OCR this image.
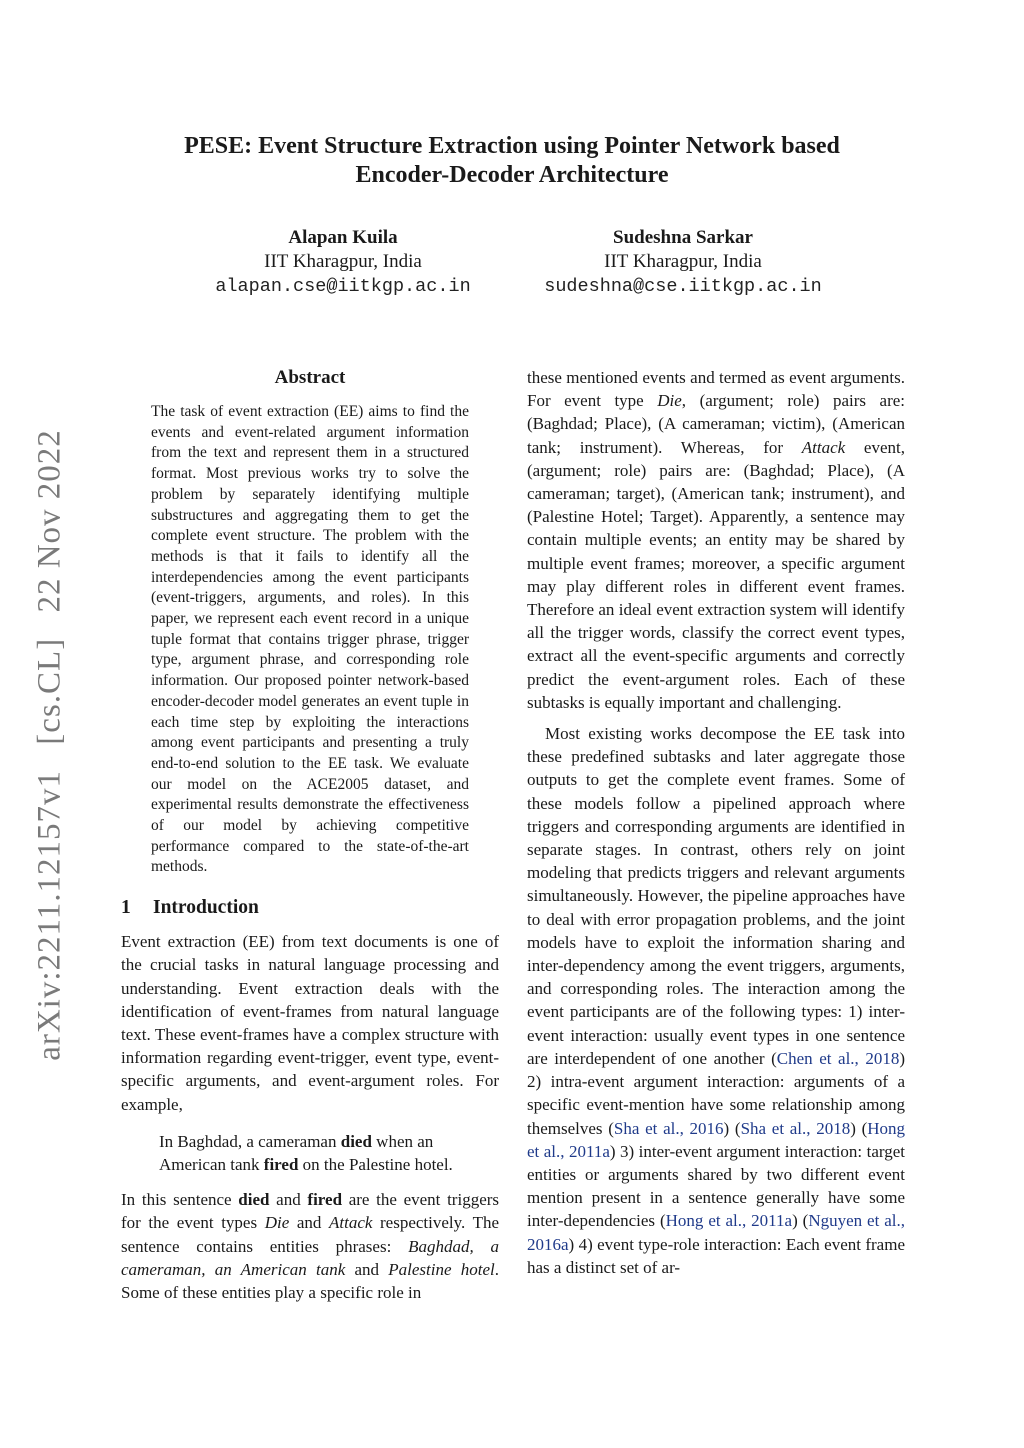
arXiv:2211.12157v1 [cs.CL] 22 Nov 2022
PESE: Event Structure Extraction using Pointer Network based
Encoder-Decoder Architecture
Alapan Kuila
IIT Kharagpur, India
alapan.cse@iitkgp.ac.in
Sudeshna Sarkar
IIT Kharagpur, India
sudeshna@cse.iitkgp.ac.in
Abstract
The task of event extraction (EE) aims to find the events and event-related argument information from the text and represent them in a structured format. Most previous works try to solve the problem by separately identifying multiple substructures and aggregating them to get the complete event structure. The problem with the methods is that it fails to identify all the interdependencies among the event participants (event-triggers, arguments, and roles). In this paper, we represent each event record in a unique tuple format that contains trigger phrase, trigger type, argument phrase, and corresponding role information. Our proposed pointer network-based encoder-decoder model generates an event tuple in each time step by exploiting the interactions among event participants and presenting a truly end-to-end solution to the EE task. We evaluate our model on the ACE2005 dataset, and experimental results demonstrate the effectiveness of our model by achieving competitive performance compared to the state-of-the-art methods.
1 Introduction

Event extraction (EE) from text documents is one of the crucial tasks in natural language processing and understanding. Event extraction deals with the identification of event-frames from natural language text. These event-frames have a complex structure with information regarding event-trigger, event type, event-specific arguments, and event-argument roles. For example,

In Baghdad, a cameraman died when an American tank fired on the Palestine hotel.

In this sentence died and fired are the event triggers for the event types Die and Attack respectively. The sentence contains entities phrases: Baghdad, a cameraman, an American tank and Palestine hotel. Some of these entities play a specific role in

these mentioned events and termed as event arguments. For event type Die, (argument; role) pairs are: (Baghdad; Place), (A cameraman; victim), (American tank; instrument). Whereas, for Attack event, (argument; role) pairs are: (Baghdad; Place), (A cameraman; target), (American tank; instrument), and (Palestine Hotel; Target). Apparently, a sentence may contain multiple events; an entity may be shared by multiple event frames; moreover, a specific argument may play different roles in different event frames. Therefore an ideal event extraction system will identify all the trigger words, classify the correct event types, extract all the event-specific arguments and correctly predict the event-argument roles. Each of these subtasks is equally important and challenging.

Most existing works decompose the EE task into these predefined subtasks and later aggregate those outputs to get the complete event frames. Some of these models follow a pipelined approach where triggers and corresponding arguments are identified in separate stages. In contrast, others rely on joint modeling that predicts triggers and relevant arguments simultaneously. However, the pipeline approaches have to deal with error propagation problems, and the joint models have to exploit the information sharing and inter-dependency among the event triggers, arguments, and corresponding roles. The interaction among the event participants are of the following types: 1) inter-event interaction: usually event types in one sentence are interdependent of one another (Chen et al., 2018) 2) intra-event argument interaction: arguments of a specific event-mention have some relationship among themselves (Sha et al., 2016) (Sha et al., 2018) (Hong et al., 2011a) 3) inter-event argument interaction: target entities or arguments shared by two different event mention present in a sentence generally have some inter-dependencies (Hong et al., 2011a) (Nguyen et al., 2016a) 4) event type-role interaction: Each event frame has a distinct set of ar-
